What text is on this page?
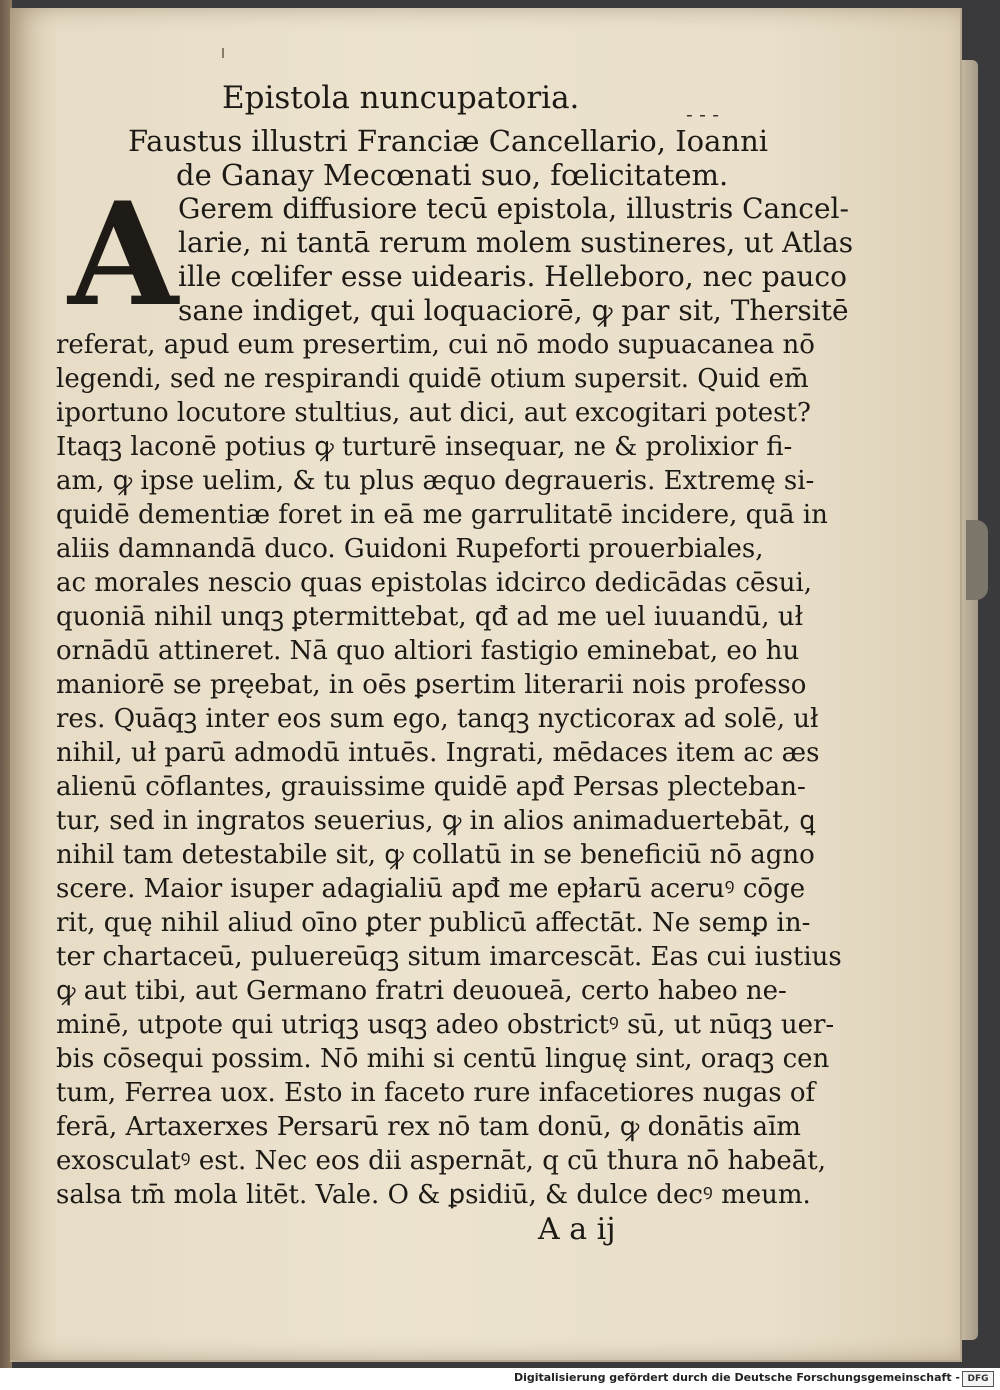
Epistola nuncupatoria.	- - -
Faustus illustri Franciæ Cancellario, Ioanni
de Ganay Mecœnati suo, fœlicitatem.
A Gerem diffusiore tecū epistola, illustris Cancel-
larie, ni tantā rerum molem sustineres, ut Atlas
ille cœlifer esse uidearis. Helleboro, nec pauco
sane indiget, qui loquaciorē, ꝙ par sit, Thersitē
referat, apud eum presertim, cui nō modo supuacanea nō
legendi, sed ne respirandi quidē otium supersit. Quid em̄
iportuno locutore stultius, aut dici, aut excogitari potest?
Itaqꝫ laconē potius ꝙ turturē insequar, ne & prolixior fi-
am, ꝙ ipse uelim, & tu plus æquo degraueris. Extremę si-
quidē dementiæ foret in eā me garrulitatē incidere, quā in
aliis damnandā duco. Guidoni Rupeforti prouerbiales,
ac morales nescio quas epistolas idcirco dedicādas cēsui,
quoniā nihil unqꝫ ꝑtermittebat, qđ ad me uel iuuandū, uł
ornādū attineret. Nā quo altiori fastigio eminebat, eo hu
maniorē se pręebat, in oēs ꝑsertim literarii nois professo
res. Quāqꝫ inter eos sum ego, tanqꝫ nycticorax ad solē, uł
nihil, uł parū admodū intuēs. Ingrati, mēdaces item ac æs
alienū cōflantes, grauissime quidē apđ Persas plecteban-
tur, sed in ingratos seuerius, ꝙ in alios animaduertebāt, ꝗ
nihil tam detestabile sit, ꝙ collatū in se beneficiū nō agno
scere. Maior isuper adagialiū apđ me epłarū aceruꝰ cōge
rit, quę nihil aliud oīno ꝑter publicū affectāt. Ne semꝑ in-
ter chartaceū, puluereūqꝫ situm imarcescāt. Eas cui iustius
ꝙ aut tibi, aut Germano fratri deuoueā, certo habeo ne-
minē, utpote qui utriqꝫ usqꝫ adeo obstrictꝰ sū, ut nūqꝫ uer-
bis cōsequi possim. Nō mihi si centū linguę sint, oraqꝫ cen
tum, Ferrea uox. Esto in faceto rure infacetiores nugas of
ferā, Artaxerxes Persarū rex nō tam donū, ꝙ donātis aīm
exosculatꝰ est. Nec eos dii aspernāt, q cū thura nō habeāt,
salsa tm̄ mola litēt. Vale. O & ꝑsidiū, & dulce decꝰ meum.
A a ij
Digitalisierung gefördert durch die Deutsche Forschungsgemeinschaft - DFG
